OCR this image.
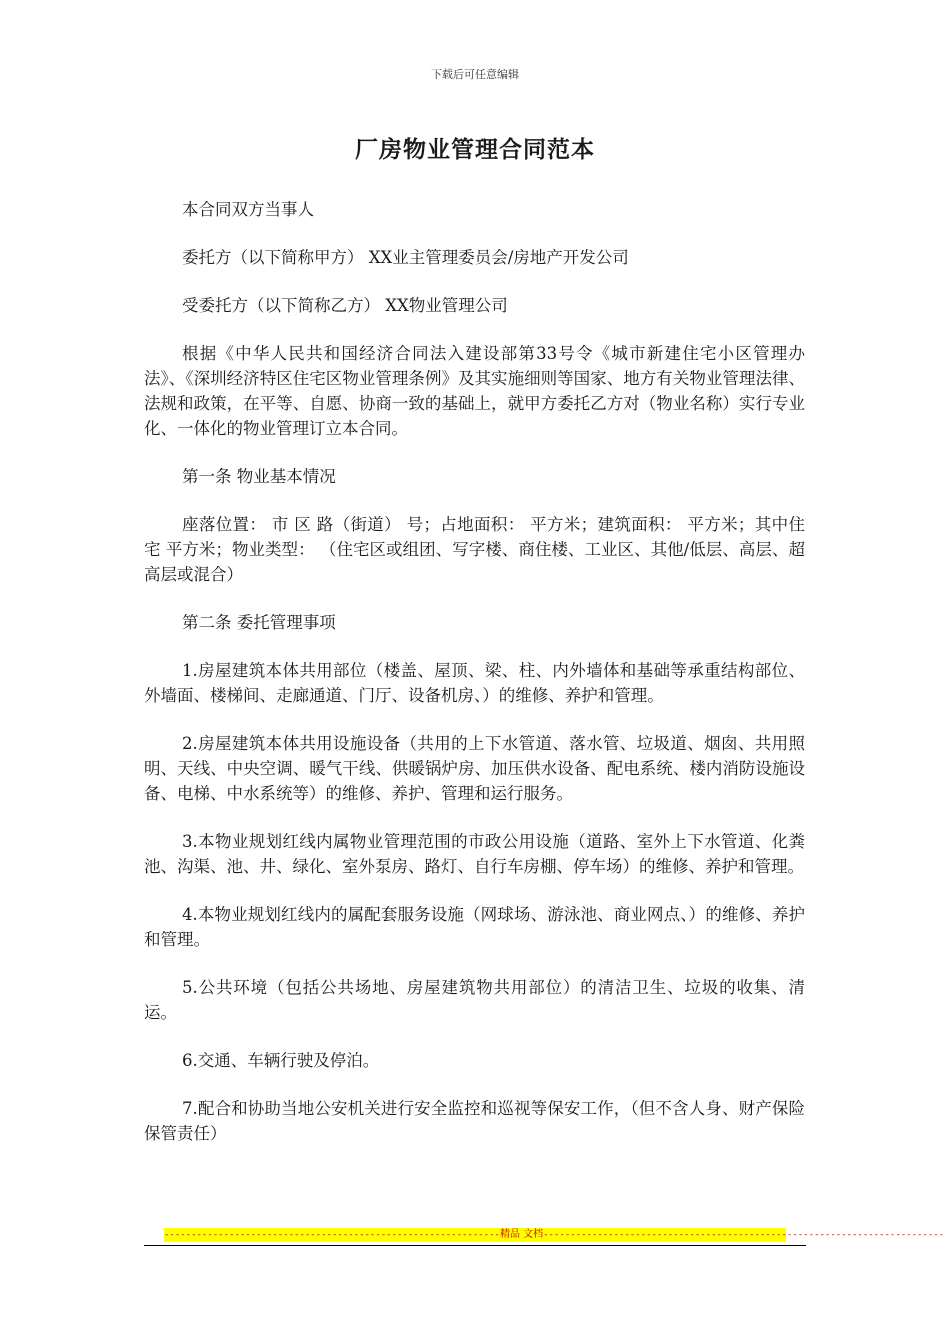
下载后可任意编辑
厂房物业管理合同范本

本合同双方当事人

委托方（以下简称甲方） XX业主管理委员会/房地产开发公司

受委托方（以下简称乙方） XX物业管理公司

根据《中华人民共和国经济合同法入建设部第33号令《城市新建住宅小区管理办法》、《深圳经济特区住宅区物业管理条例》及其实施细则等国家、地方有关物业管理法律、法规和政策，在平等、自愿、协商一致的基础上，就甲方委托乙方对（物业名称）实行专业化、一体化的物业管理订立本合同。

第一条 物业基本情况

座落位置： 市 区 路（街道） 号；占地面积： 平方米；建筑面积： 平方米；其中住宅 平方米；物业类型： （住宅区或组团、写字楼、商住楼、工业区、其他/低层、高层、超高层或混合）

第二条 委托管理事项

1.房屋建筑本体共用部位（楼盖、屋顶、梁、柱、内外墙体和基础等承重结构部位、外墙面、楼梯间、走廊通道、门厅、设备机房、）的维修、养护和管理。

2.房屋建筑本体共用设施设备（共用的上下水管道、落水管、垃圾道、烟囱、共用照明、天线、中央空调、暖气干线、供暖锅炉房、加压供水设备、配电系统、楼内消防设施设备、电梯、中水系统等）的维修、养护、管理和运行服务。

3.本物业规划红线内属物业管理范围的市政公用设施（道路、室外上下水管道、化粪池、沟渠、池、井、绿化、室外泵房、路灯、自行车房棚、停车场）的维修、养护和管理。

4.本物业规划红线内的属配套服务设施（网球场、游泳池、商业网点、）的维修、养护和管理。

5.公共环境（包括公共场地、房屋建筑物共用部位）的清洁卫生、垃圾的收集、清运。

6.交通、车辆行驶及停泊。

7.配合和协助当地公安机关进行安全监控和巡视等保安工作，（但不含人身、财产保险保管责任）

--------------------------------------------------------------精品 文档--------------------------------------------------------------------------
